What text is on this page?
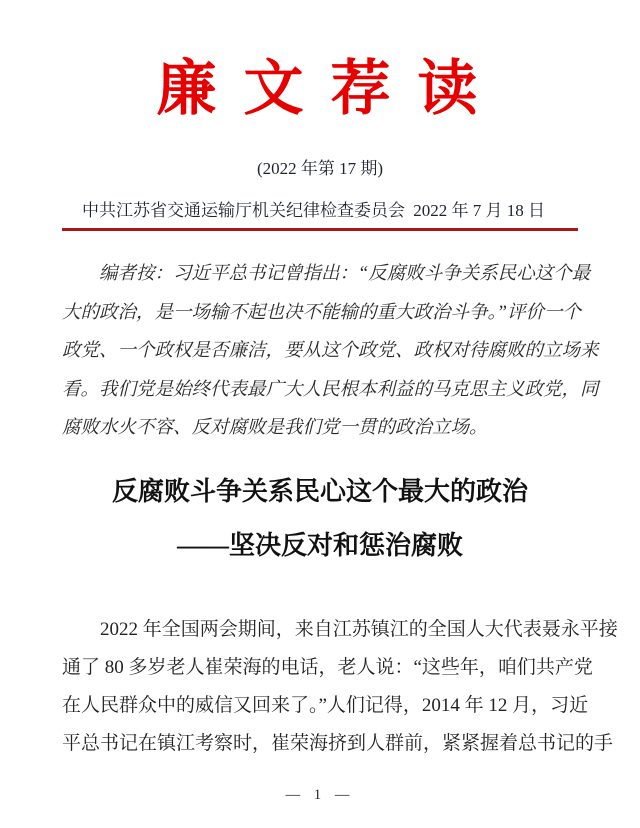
廉 文 荐 读
(2022 年第 17 期)
中共江苏省交通运输厅机关纪律检查委员会 2022 年 7 月 18 日
编者按：习近平总书记曾指出：“反腐败斗争关系民心这个最
大的政治，是一场输不起也决不能输的重大政治斗争。”评价一个
政党、一个政权是否廉洁，要从这个政党、政权对待腐败的立场来
看。我们党是始终代表最广大人民根本利益的马克思主义政党，同
腐败水火不容、反对腐败是我们党一贯的政治立场。
反腐败斗争关系民心这个最大的政治
——坚决反对和惩治腐败
2022 年全国两会期间，来自江苏镇江的全国人大代表聂永平接
通了 80 多岁老人崔荣海的电话，老人说：“这些年，咱们共产党
在人民群众中的威信又回来了。”人们记得，2014 年 12 月，习近
平总书记在镇江考察时，崔荣海挤到人群前，紧紧握着总书记的手
— 1 —
